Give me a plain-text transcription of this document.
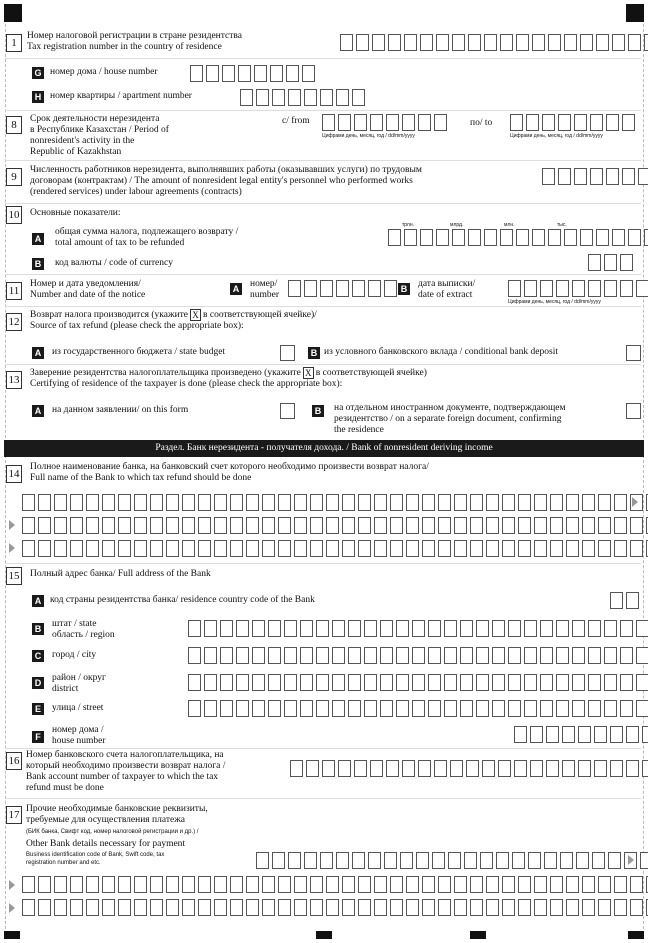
1
Номер налоговой регистрации в стране резидентства
Tax registration number in the country of residence
G номер дома / house number
H номер квартиры / apartment number
8	Срок деятельности нерезидента
в Республике Казахстан / Period of
nonresident's activity in the
Republic of Kazakhstan
с/ from
Цифрами день, месяц, год / dd/mm/yyyy
по/ to
Цифрами день, месяц, год / dd/mm/yyyy
9
Численность работников нерезидента, выполнявших работы (оказывавших услуги) по трудовым
договорам (контрактам) / The amount of nonresident legal entity's personnel who performed works
(rendered services) under labour agreements (contracts)
10 Основные показатели:
A
общая сумма налога, подлежащего возврату /
total amount of tax to be refunded
трлн.	млрд.	млн.	тыс.
B код валюты / code of currency
11
Номер и дата уведомления/
Number and date of the notice
A номер/
number
B дата выписки/
date of extract
Цифрами день, месяц, год / dd/mm/yyyy
12
Возврат налога производится (укажите X в соответствующей ячейке)/
Source of tax refund (please check the appropriate box):
A из государственного бюджета / state budget	B из условного банковского вклада / conditional bank deposit
13
Заверение резидентства налогоплательщика произведено (укажите X в соответствующей ячейке)
Certifying of residence of the taxpayer is done (please check the appropriate box):
A на данном заявлении/ on this form	B на отдельном иностранном документе, подтверждающем
резидентство / on a separate foreign document, confirming
the residence
Раздел. Банк нерезидента - получателя дохода. / Bank of nonresident deriving income
14
Полное наименование банка, на банковский счет которого необходимо произвести возврат налога/
Full name of the Bank to which tax refund should be done
15 Полный адрес банка/ Full address of the Bank
A код страны резидентства банка/ residence country code of the Bank
B штат / state
область / region
C город / city
D район / округ
district
E	улица / street
F
номер дома /
house number
16 Номер банковского счета налогоплательщика, на
который необходимо произвести возврат налога /
Bank account number of taxpayer to which the tax
refund must be done
17 Прочие необходимые банковские реквизиты,
требуемые для осуществления платежа
(БИК банка, Свифт код, номер налоговой регистрации и др.) /
Other Bank details necessary for payment
Business identification code of Bank, Swift code, tax
registration number and etc.
